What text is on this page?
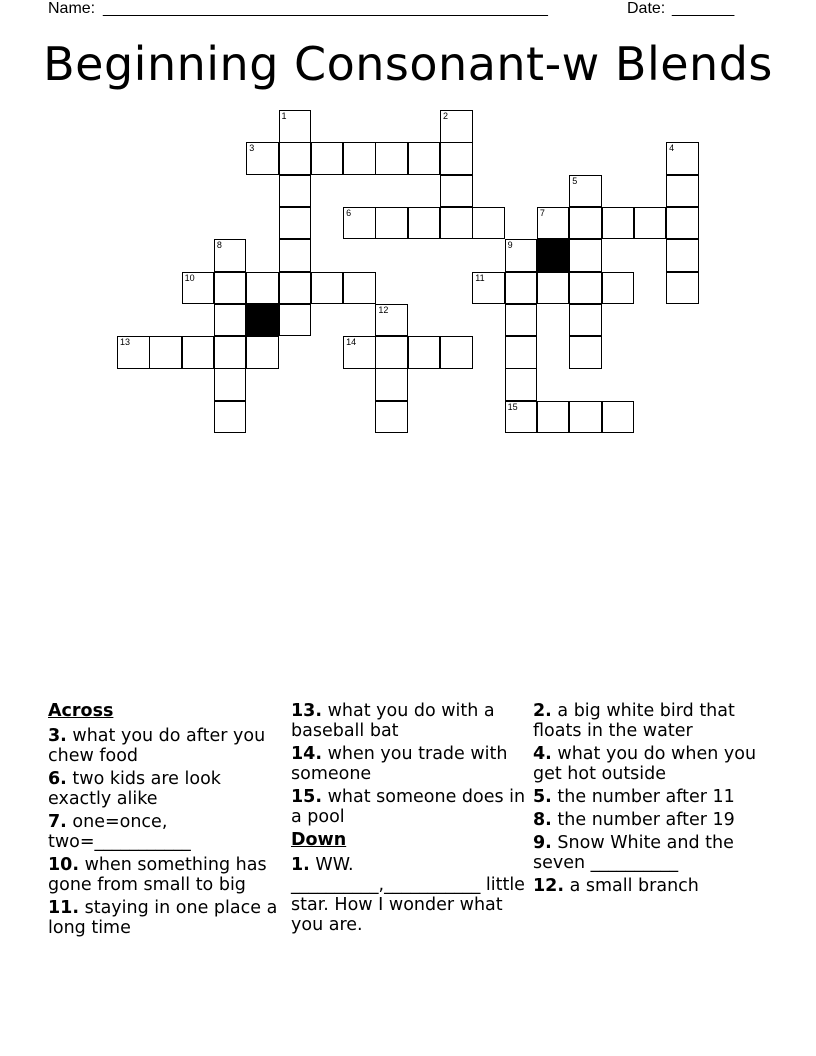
Name: __________________________________________________	Date: _______
Beginning Consonant-w Blends
1	2
3	4
5
6	7
8	9
10	11
12
13	14
15
Across
3. what you do after you chew food
6. two kids are look exactly alike
7. one=once, two=___________
10. when something has gone from small to big
11. staying in one place a long time
13. what you do with a baseball bat
14. when you trade with someone
15. what someone does in a pool
Down
1. WW. __________,___________ little star. How I wonder what you are.
2. a big white bird that floats in the water
4. what you do when you get hot outside
5. the number after 11
8. the number after 19
9. Snow White and the seven __________
12. a small branch
